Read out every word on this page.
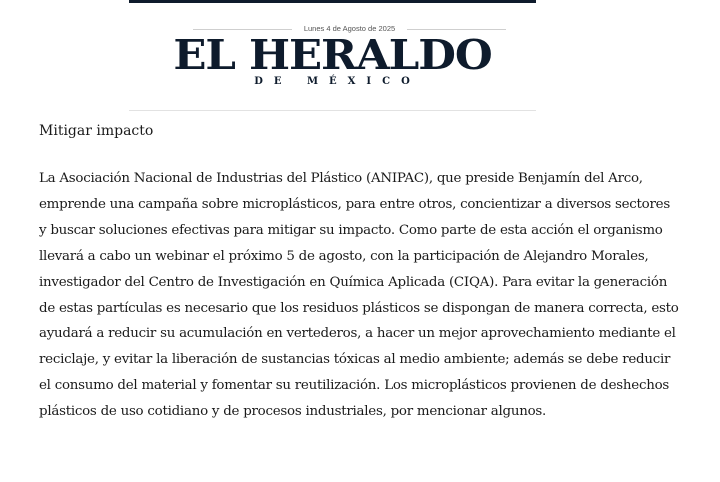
Lunes 4 de Agosto de 2025
EL HERALDO
DE MÉXICO
Mitigar impacto

La Asociación Nacional de Industrias del Plástico (ANIPAC), que preside Benjamín del Arco, emprende una campaña sobre microplásticos, para entre otros, concientizar a diversos sectores y buscar soluciones efectivas para mitigar su impacto. Como parte de esta acción el organismo llevará a cabo un webinar el próximo 5 de agosto, con la participación de Alejandro Morales, investigador del Centro de Investigación en Química Aplicada (CIQA). Para evitar la generación de estas partículas es necesario que los residuos plásticos se dispongan de manera correcta, esto ayudará a reducir su acumulación en vertederos, a hacer un mejor aprovechamiento mediante el reciclaje, y evitar la liberación de sustancias tóxicas al medio ambiente; además se debe reducir el consumo del material y fomentar su reutilización. Los microplásticos provienen de deshechos plásticos de uso cotidiano y de procesos industriales, por mencionar algunos.
